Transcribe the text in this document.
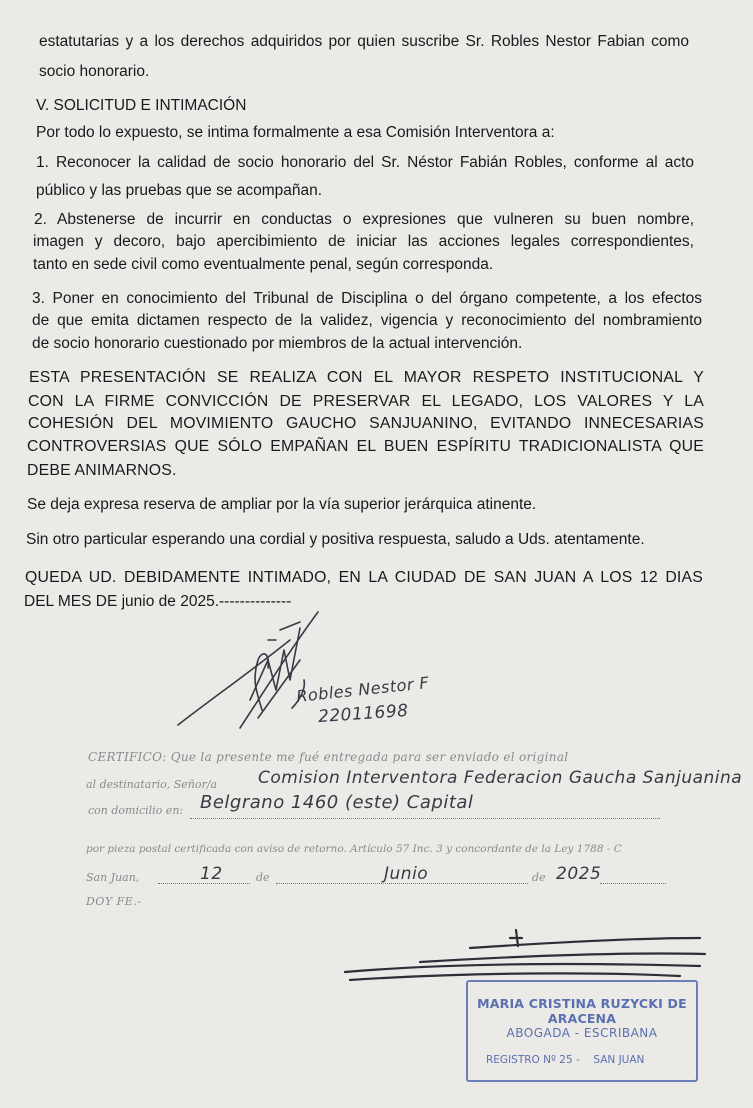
estatutarias y a los derechos adquiridos por quien suscribe Sr. Robles Nestor Fabian como
socio honorario.
V. SOLICITUD E INTIMACIÓN
Por todo lo expuesto, se intima formalmente a esa Comisión Interventora a:
1. Reconocer la calidad de socio honorario del Sr. Néstor Fabián Robles, conforme al acto
público y las pruebas que se acompañan.
2. Abstenerse de incurrir en conductas o expresiones que vulneren su buen nombre,
imagen y decoro, bajo apercibimiento de iniciar las acciones legales correspondientes,
tanto en sede civil como eventualmente penal, según corresponda.
3. Poner en conocimiento del Tribunal de Disciplina o del órgano competente, a los efectos
de que emita dictamen respecto de la validez, vigencia y reconocimiento del nombramiento
de socio honorario cuestionado por miembros de la actual intervención.
ESTA PRESENTACIÓN SE REALIZA CON EL MAYOR RESPETO INSTITUCIONAL Y
CON LA FIRME CONVICCIÓN DE PRESERVAR EL LEGADO, LOS VALORES Y LA
COHESIÓN DEL MOVIMIENTO GAUCHO SANJUANINO, EVITANDO INNECESARIAS
CONTROVERSIAS QUE SÓLO EMPAÑAN EL BUEN ESPÍRITU TRADICIONALISTA QUE
DEBE ANIMARNOS.
Se deja expresa reserva de ampliar por la vía superior jerárquica atinente.
Sin otro particular esperando una cordial y positiva respuesta, saludo a Uds. atentamente.
QUEDA UD. DEBIDAMENTE INTIMADO, EN LA CIUDAD DE SAN JUAN A LOS 12 DIAS
DEL MES DE junio de 2025.--------------
Robles Nestor F
22011698
CERTIFICO: Que la presente me fué entregada para ser enviado el original
al destinatario, Señor/a Comision Interventora Federacion Gaucha Sanjuanina
con domicilio en: Belgrano 1460 (este) Capital
por pieza postal certificada con aviso de retorno. Artículo 57 Inc. 3 y concordante de la Ley 1788 - C
San Juan,	12	de	Junio	de 2025
DOY FE.-
MARIA CRISTINA RUZYCKI DE ARACENA
ABOGADA - ESCRIBANA
REGISTRO Nº 25 - SAN JUAN
